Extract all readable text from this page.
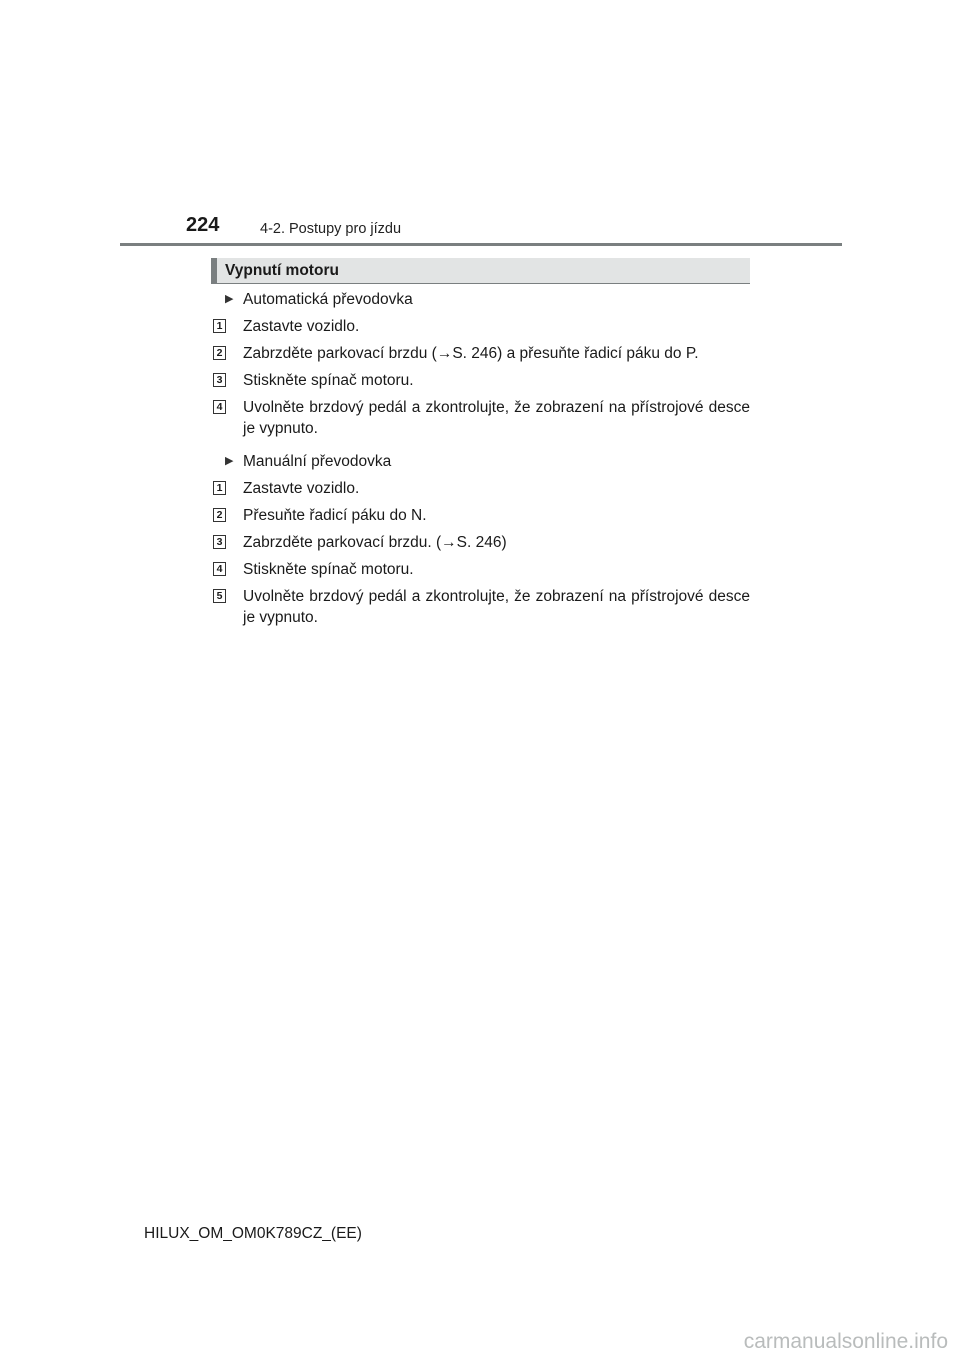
224	4-2. Postupy pro jízdu
Vypnutí motoru
▶ Automatická převodovka
1 Zastavte vozidlo.
2 Zabrzděte parkovací brzdu (→S. 246) a přesuňte řadicí páku do P.
3 Stiskněte spínač motoru.
4 Uvolněte brzdový pedál a zkontrolujte, že zobrazení na přístrojové desce je vypnuto.
▶ Manuální převodovka
1 Zastavte vozidlo.
2 Přesuňte řadicí páku do N.
3 Zabrzděte parkovací brzdu. (→S. 246)
4 Stiskněte spínač motoru.
5 Uvolněte brzdový pedál a zkontrolujte, že zobrazení na přístrojové desce je vypnuto.
HILUX_OM_OM0K789CZ_(EE)
carmanualsonline.info
